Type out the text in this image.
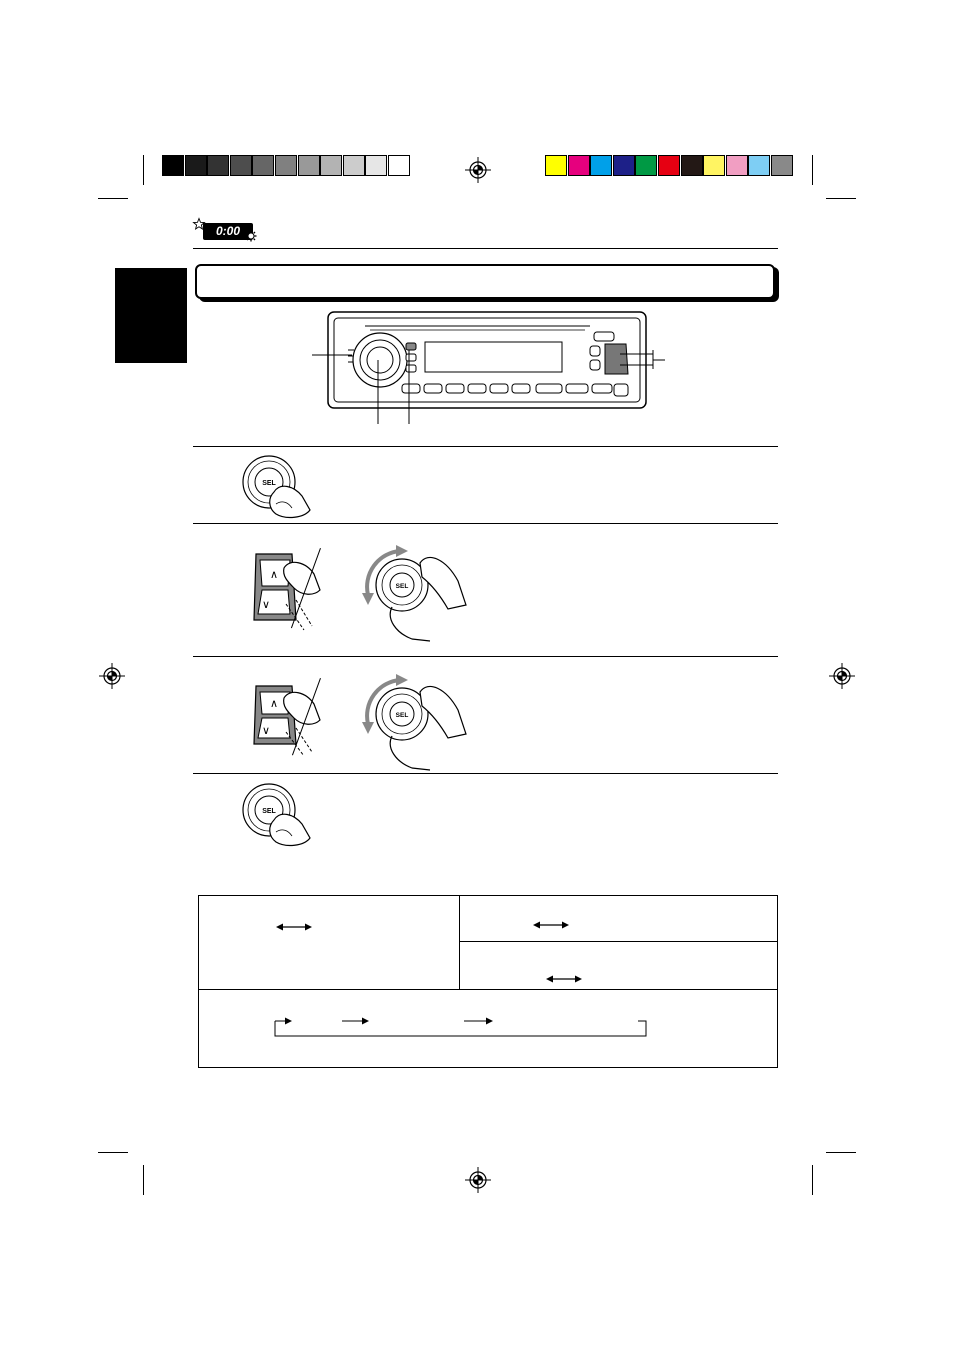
0:00
SEL
∧
∨
SEL
∧
∨
SEL
SEL
